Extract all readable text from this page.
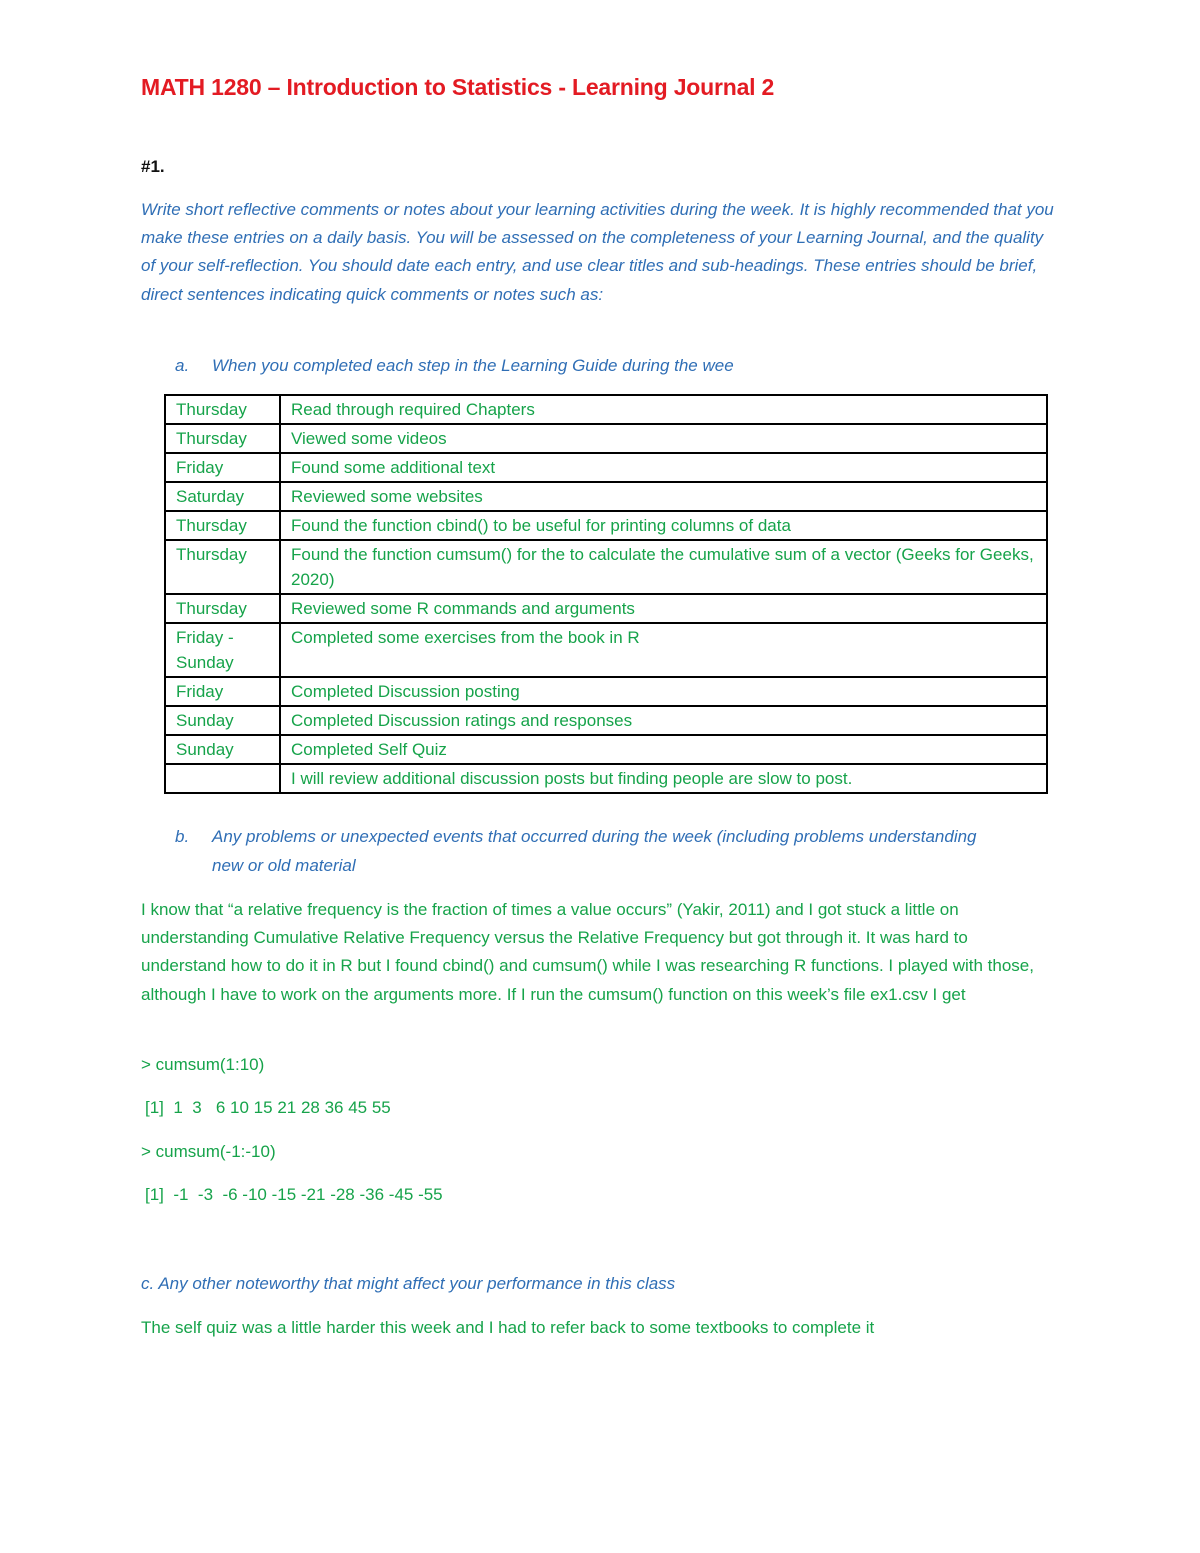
MATH 1280 – Introduction to Statistics - Learning Journal 2
#1.

Write short reflective comments or notes about your learning activities during the week. It is highly recommended that you make these entries on a daily basis. You will be assessed on the completeness of your Learning Journal, and the quality of your self-reflection. You should date each entry, and use clear titles and sub-headings. These entries should be brief, direct sentences indicating quick comments or notes such as:

a. When you completed each step in the Learning Guide during the wee
Thursday	Read through required Chapters
Thursday	Viewed some videos
Friday	Found some additional text
Saturday	Reviewed some websites
Thursday	Found the function cbind() to be useful for printing columns of data
Thursday	Found the function cumsum() for the to calculate the cumulative sum of a vector (Geeks for Geeks, 2020)
Thursday	Reviewed some R commands and arguments
Friday - Sunday	Completed some exercises from the book in R
Friday	Completed Discussion posting
Sunday	Completed Discussion ratings and responses
Sunday	Completed Self Quiz
	I will review additional discussion posts but finding people are slow to post.
b. Any problems or unexpected events that occurred during the week (including problems understanding new or old material
I know that “a relative frequency is the fraction of times a value occurs” (Yakir, 2011) and I got stuck a little on understanding Cumulative Relative Frequency versus the Relative Frequency but got through it. It was hard to understand how to do it in R but I found cbind() and cumsum() while I was researching R functions. I played with those, although I have to work on the arguments more. If I run the cumsum() function on this week’s file ex1.csv I get
> cumsum(1:10)
[1]  1  3   6 10 15 21 28 36 45 55
> cumsum(-1:-10)
[1]  -1  -3  -6 -10 -15 -21 -28 -36 -45 -55
c. Any other noteworthy that might affect your performance in this class
The self quiz was a little harder this week and I had to refer back to some textbooks to complete it
